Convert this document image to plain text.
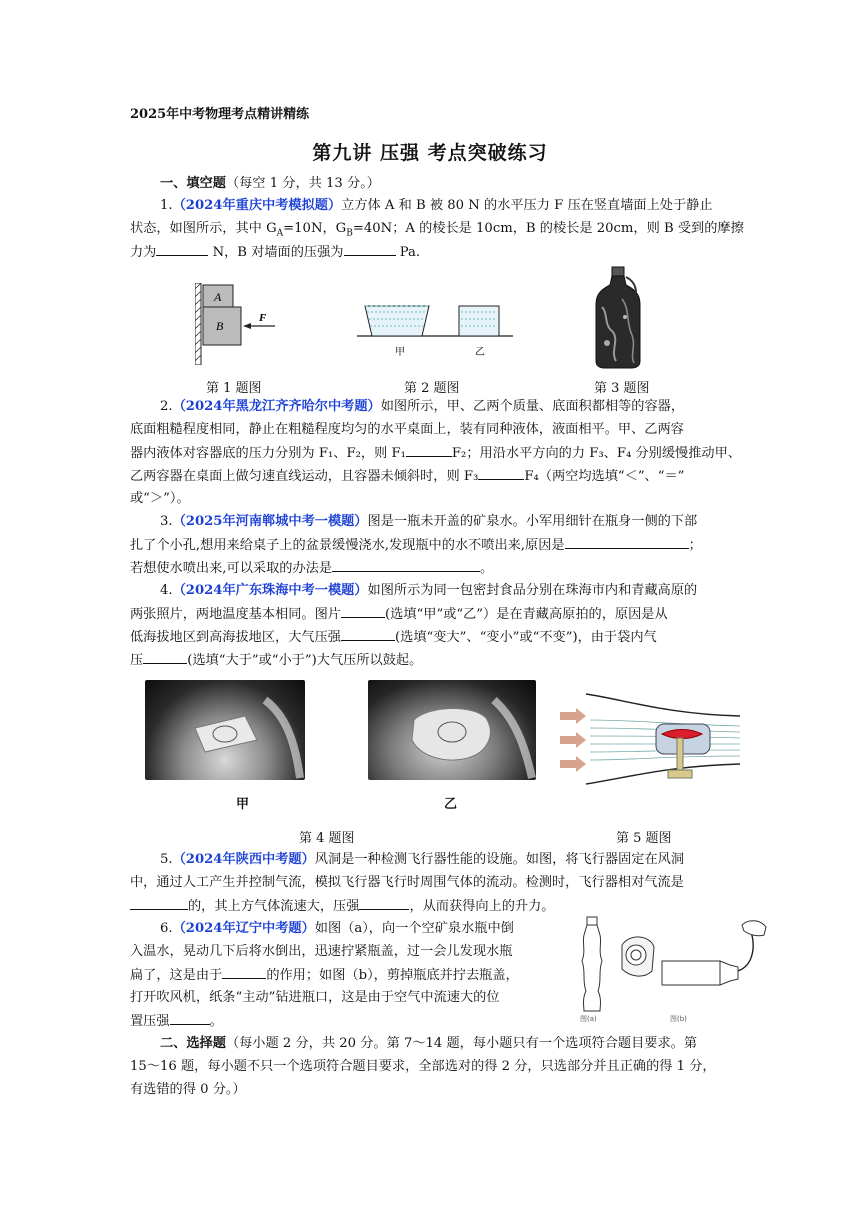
2025年中考物理考点精讲精练
第九讲 压强 考点突破练习
一、填空题（每空 1 分，共 13 分。）
1.（2024年重庆中考模拟题）立方体 A 和 B 被 80 N 的水平压力 F 压在竖直墙面上处于静止
状态，如图所示，其中 $G_A=10N$，$G_B=40N$；A 的棱长是 10cm，B 的棱长是 20cm，则 B 受到的摩擦
力为	N，B 对墙面的压强为	Pa.
A
B
F
甲	乙
第 1 题图	第 2 题图	第 3 题图
2.（2024年黑龙江齐齐哈尔中考题）如图所示，甲、乙两个质量、底面积都相等的容器，
底面粗糙程度相同，静止在粗糙程度均匀的水平桌面上，装有同种液体，液面相平。甲、乙两容
器内液体对容器底的压力分别为 F₁、F₂，则 F₁	F₂；用沿水平方向的力 F₃、F₄ 分别缓慢推动甲、
乙两容器在桌面上做匀速直线运动，且容器未倾斜时，则 F₃	F₄（两空均选填“＜”、“＝”
或“＞”）。
3.（2025年河南郸城中考一模题）图是一瓶未开盖的矿泉水。小军用细针在瓶身一侧的下部
扎了个小孔,想用来给桌子上的盆景缓慢浇水,发现瓶中的水不喷出来,原因是	；
若想使水喷出来,可以采取的办法是	。
4.（2024年广东珠海中考一模题）如图所示为同一包密封食品分别在珠海市内和青藏高原的
两张照片，两地温度基本相同。图片	(选填“甲”或“乙”）是在青藏高原拍的，原因是从
低海拔地区到高海拔地区，大气压强	(选填“变大”、“变小”或“不变”)，由于袋内气
压	(选填“大于”或“小于”)大气压所以鼓起。
甲	乙
第 4 题图	第 5 题图
5.（2024年陕西中考题）风洞是一种检测飞行器性能的设施。如图，将飞行器固定在风洞
中，通过人工产生并控制气流，模拟飞行器飞行时周围气体的流动。检测时，飞行器相对气流是
的，其上方气体流速大，压强	，从而获得向上的升力。
6.（2024年辽宁中考题）如图（a），向一个空矿泉水瓶中倒
入温水，晃动几下后将水倒出，迅速拧紧瓶盖，过一会儿发现水瓶
扁了，这是由于	的作用；如图（b），剪掉瓶底并拧去瓶盖，
打开吹风机，纸条“主动”钻进瓶口，这是由于空气中流速大的位
置压强	。	图(a)	图(b)
二、选择题（每小题 2 分，共 20 分。第 7～14 题，每小题只有一个选项符合题目要求。第
15～16 题，每小题不只一个选项符合题目要求，全部选对的得 2 分，只选部分并且正确的得 1 分，
有选错的得 0 分。）
